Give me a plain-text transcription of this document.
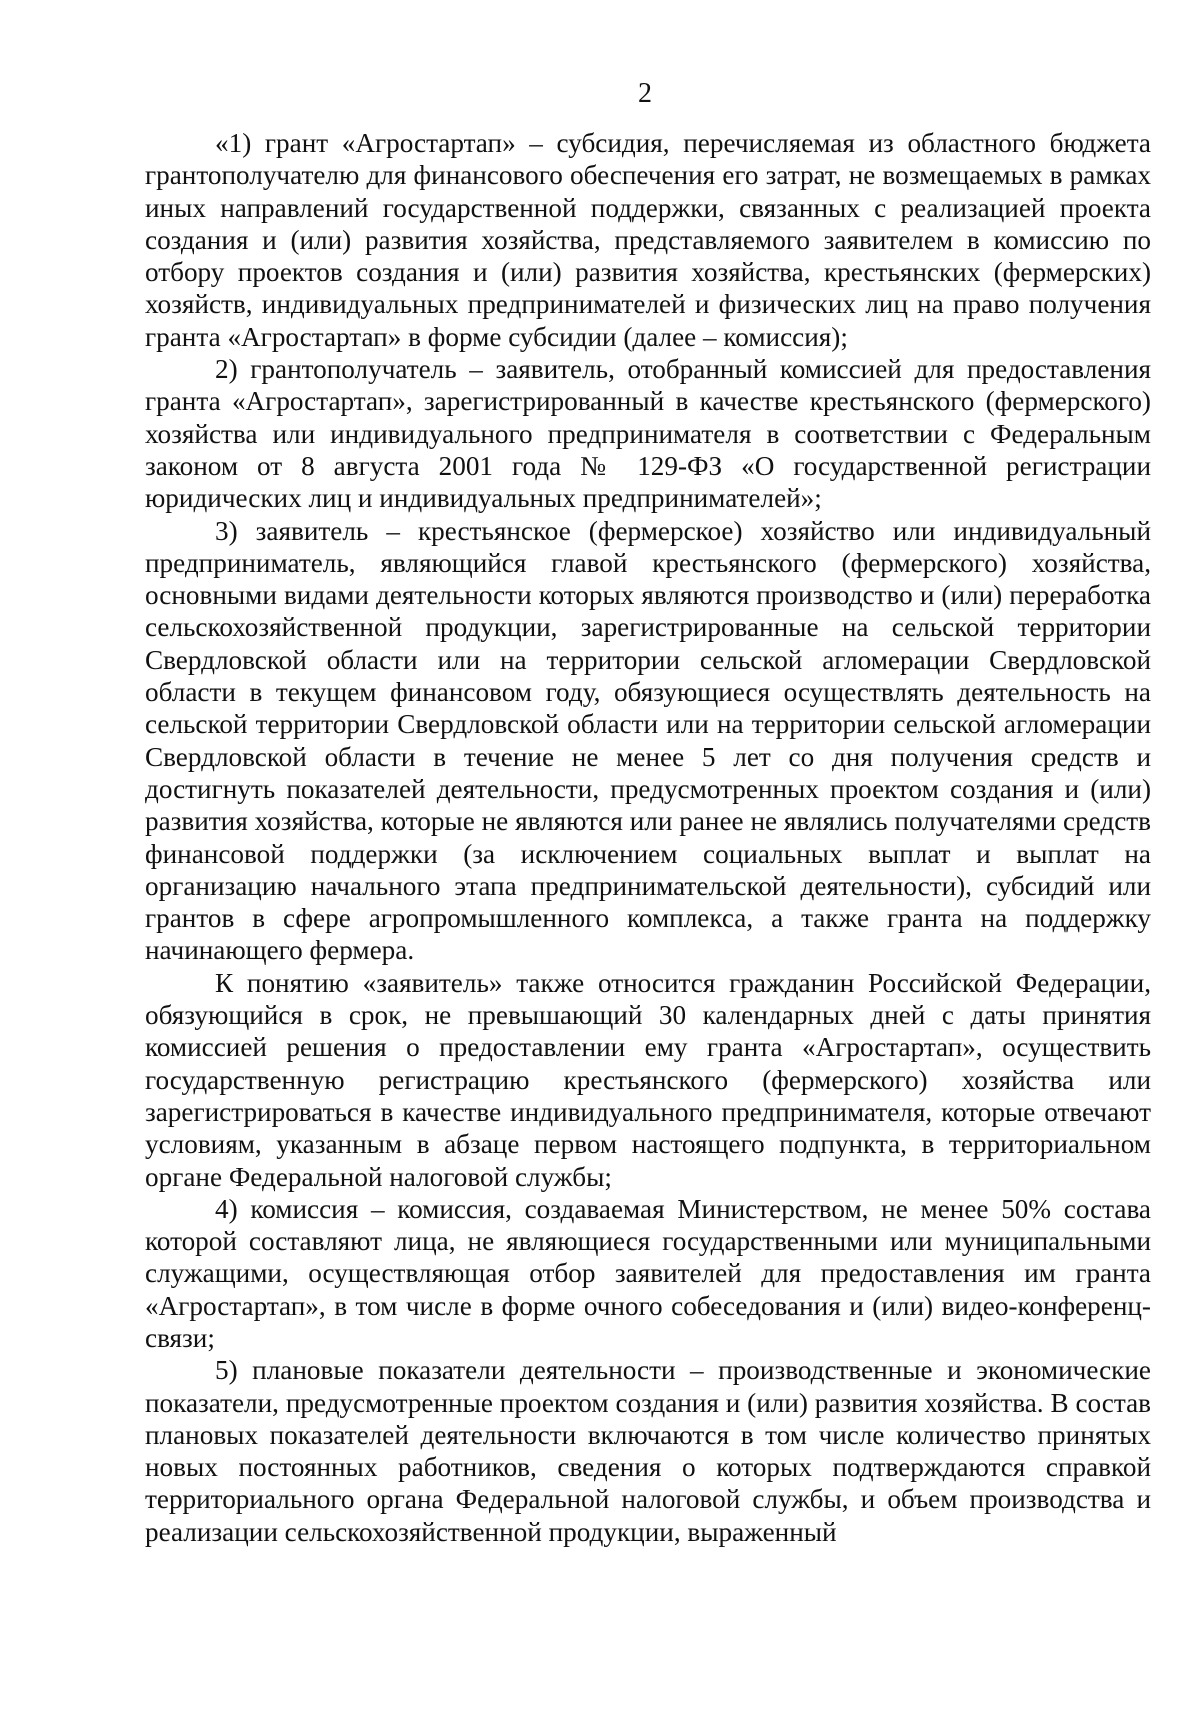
2

«1) грант «Агростартап» – субсидия, перечисляемая из областного бюджета грантополучателю для финансового обеспечения его затрат, не возмещаемых в рамках иных направлений государственной поддержки, связанных с реализацией проекта создания и (или) развития хозяйства, представляемого заявителем в комиссию по отбору проектов создания и (или) развития хозяйства, крестьянских (фермерских) хозяйств, индивидуальных предпринимателей и физических лиц на право получения гранта «Агростартап» в форме субсидии (далее – комиссия);

2) грантополучатель – заявитель, отобранный комиссией для предоставления гранта «Агростартап», зарегистрированный в качестве крестьянского (фермерского) хозяйства или индивидуального предпринимателя в соответствии с Федеральным законом от 8 августа 2001 года № 129-ФЗ «О государственной регистрации юридических лиц и индивидуальных предпринимателей»;

3) заявитель – крестьянское (фермерское) хозяйство или индивидуальный предприниматель, являющийся главой крестьянского (фермерского) хозяйства, основными видами деятельности которых являются производство и (или) переработка сельскохозяйственной продукции, зарегистрированные на сельской территории Свердловской области или на территории сельской агломерации Свердловской области в текущем финансовом году, обязующиеся осуществлять деятельность на сельской территории Свердловской области или на территории сельской агломерации Свердловской области в течение не менее 5 лет со дня получения средств и достигнуть показателей деятельности, предусмотренных проектом создания и (или) развития хозяйства, которые не являются или ранее не являлись получателями средств финансовой поддержки (за исключением социальных выплат и выплат на организацию начального этапа предпринимательской деятельности), субсидий или грантов в сфере агропромышленного комплекса, а также гранта на поддержку начинающего фермера.

К понятию «заявитель» также относится гражданин Российской Федерации, обязующийся в срок, не превышающий 30 календарных дней с даты принятия комиссией решения о предоставлении ему гранта «Агростартап», осуществить государственную регистрацию крестьянского (фермерского) хозяйства или зарегистрироваться в качестве индивидуального предпринимателя, которые отвечают условиям, указанным в абзаце первом настоящего подпункта, в территориальном органе Федеральной налоговой службы;

4) комиссия – комиссия, создаваемая Министерством, не менее 50% состава которой составляют лица, не являющиеся государственными или муниципальными служащими, осуществляющая отбор заявителей для предоставления им гранта «Агростартап», в том числе в форме очного собеседования и (или) видео-конференц-связи;

5) плановые показатели деятельности – производственные и экономические показатели, предусмотренные проектом создания и (или) развития хозяйства. В состав плановых показателей деятельности включаются в том числе количество принятых новых постоянных работников, сведения о которых подтверждаются справкой территориального органа Федеральной налоговой службы, и объем производства и реализации сельскохозяйственной продукции, выраженный
